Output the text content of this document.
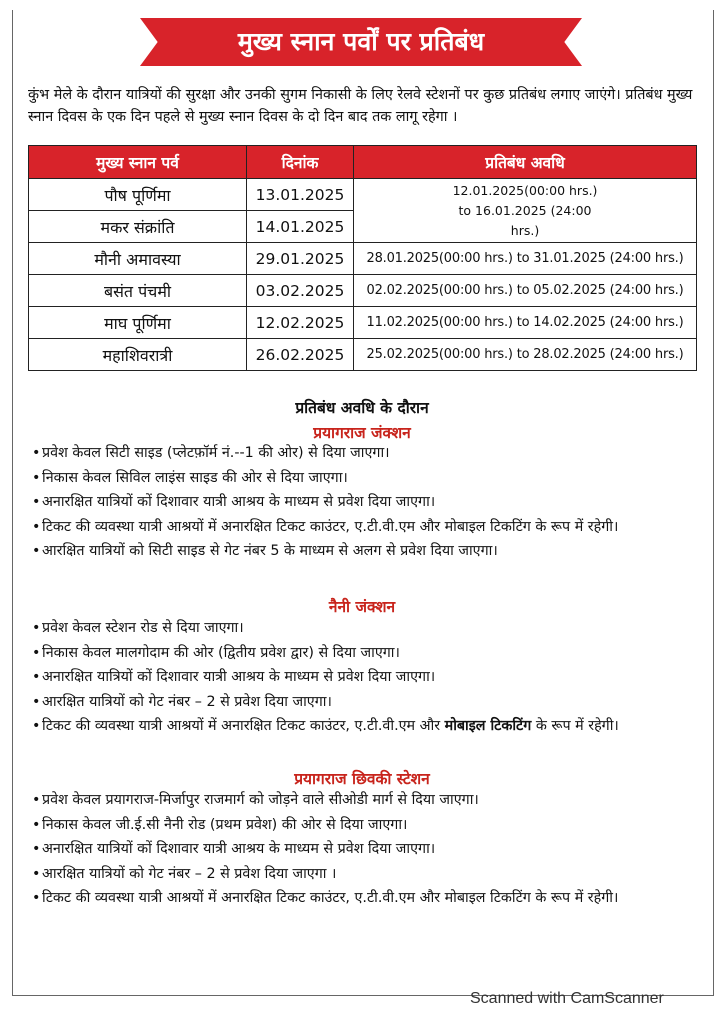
मुख्य स्नान पर्वों पर प्रतिबंध
कुंभ मेले के दौरान यात्रियों की सुरक्षा और उनकी सुगम निकासी के लिए रेलवे स्टेशनों पर कुछ प्रतिबंध लगाए जाएंगे। प्रतिबंध मुख्य स्नान दिवस के एक दिन पहले से मुख्य स्नान दिवस के दो दिन बाद तक लागू रहेगा ।
मुख्य स्नान पर्व	दिनांक	प्रतिबंध अवधि
पौष पूर्णिमा	13.01.2025	12.01.2025(00:00 hrs.) to 16.01.2025 (24:00 hrs.)
मकर संक्रांति	14.01.2025	
मौनी अमावस्या	29.01.2025	28.01.2025(00:00 hrs.) to 31.01.2025 (24:00 hrs.)
बसंत पंचमी	03.02.2025	02.02.2025(00:00 hrs.) to 05.02.2025 (24:00 hrs.)
माघ पूर्णिमा	12.02.2025	11.02.2025(00:00 hrs.) to 14.02.2025 (24:00 hrs.)
महाशिवरात्री	26.02.2025	25.02.2025(00:00 hrs.) to 28.02.2025 (24:00 hrs.)
प्रतिबंध अवधि के दौरान
प्रयागराज जंक्शन
• प्रवेश केवल सिटी साइड (प्लेटफ़ॉर्म नं.--1 की ओर) से दिया जाएगा।
• निकास केवल सिविल लाइंस साइड की ओर से दिया जाएगा।
• अनारक्षित यात्रियों कों दिशावार यात्री आश्रय के माध्यम से प्रवेश दिया जाएगा।
• टिकट की व्यवस्था यात्री आश्रयों में अनारक्षित टिकट काउंटर, ए.टी.वी.एम और मोबाइल टिकटिंग के रूप में रहेगी।
• आरक्षित यात्रियों को सिटी साइड से गेट नंबर 5 के माध्यम से अलग से प्रवेश दिया जाएगा।
नैनी जंक्शन
• प्रवेश केवल स्टेशन रोड से दिया जाएगा।
• निकास केवल मालगोदाम की ओर (द्वितीय प्रवेश द्वार) से दिया जाएगा।
• अनारक्षित यात्रियों कों दिशावार यात्री आश्रय के माध्यम से प्रवेश दिया जाएगा।
• आरक्षित यात्रियों को गेट नंबर – 2 से प्रवेश दिया जाएगा।
• टिकट की व्यवस्था यात्री आश्रयों में अनारक्षित टिकट काउंटर, ए.टी.वी.एम और मोबाइल टिकटिंग के रूप में रहेगी।
प्रयागराज छिवकी स्टेशन
• प्रवेश केवल प्रयागराज-मिर्जापुर राजमार्ग को जोड़ने वाले सीओडी मार्ग से दिया जाएगा।
• निकास केवल जी.ई.सी नैनी रोड (प्रथम प्रवेश) की ओर से दिया जाएगा।
• अनारक्षित यात्रियों कों दिशावार यात्री आश्रय के माध्यम से प्रवेश दिया जाएगा।
• आरक्षित यात्रियों को गेट नंबर – 2 से प्रवेश दिया जाएगा ।
• टिकट की व्यवस्था यात्री आश्रयों में अनारक्षित टिकट काउंटर, ए.टी.वी.एम और मोबाइल टिकटिंग के रूप में रहेगी।
Scanned with CamScanner
